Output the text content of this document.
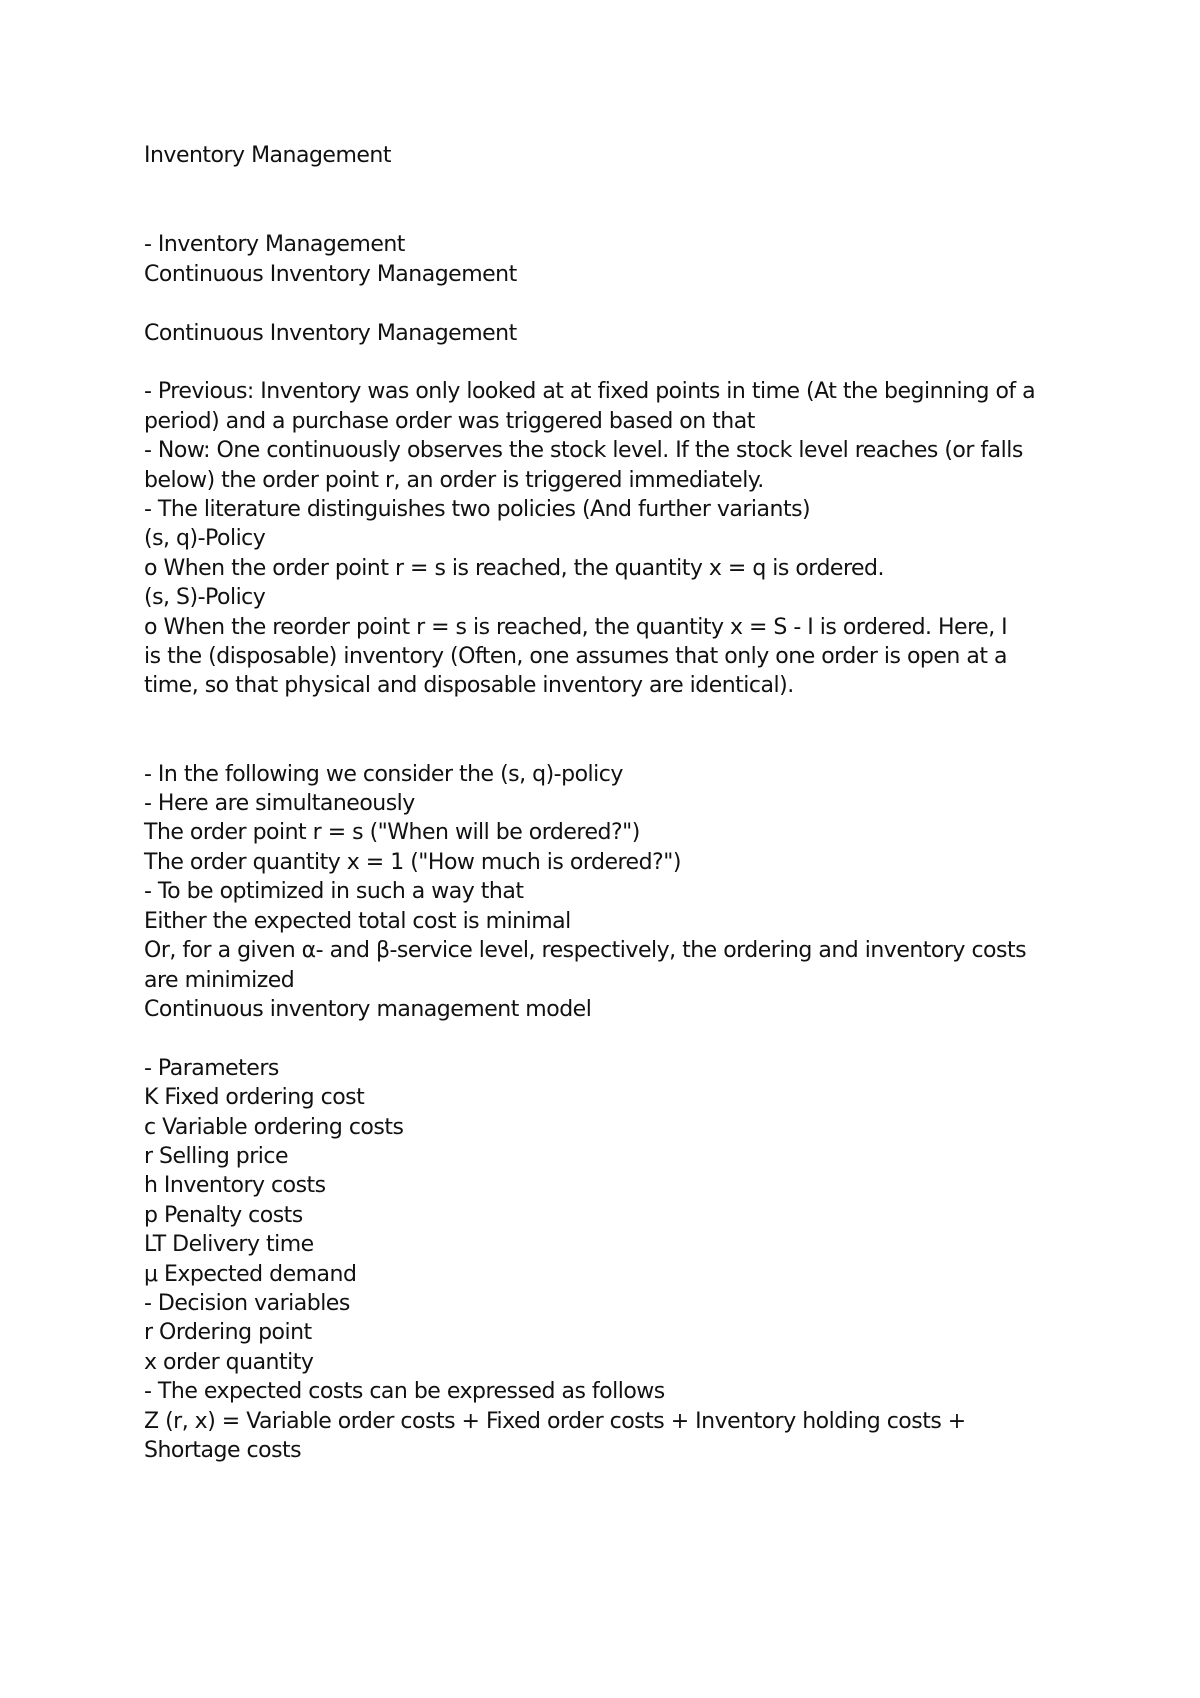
Inventory Management
- Inventory Management
Continuous Inventory Management
Continuous Inventory Management
- Previous: Inventory was only looked at at fixed points in time (At the beginning of a
period) and a purchase order was triggered based on that
- Now: One continuously observes the stock level. If the stock level reaches (or falls
below) the order point r, an order is triggered immediately.
- The literature distinguishes two policies (And further variants)
(s, q)-Policy
o When the order point r = s is reached, the quantity x = q is ordered.
(s, S)-Policy
o When the reorder point r = s is reached, the quantity x = S - I is ordered. Here, I
is the (disposable) inventory (Often, one assumes that only one order is open at a
time, so that physical and disposable inventory are identical).
- In the following we consider the (s, q)-policy
- Here are simultaneously
The order point r = s ("When will be ordered?")
The order quantity x = 1 ("How much is ordered?")
- To be optimized in such a way that
Either the expected total cost is minimal
Or, for a given α- and β-service level, respectively, the ordering and inventory costs
are minimized
Continuous inventory management model
- Parameters
K Fixed ordering cost
c Variable ordering costs
r Selling price
h Inventory costs
p Penalty costs
LT Delivery time
μ Expected demand
- Decision variables
r Ordering point
x order quantity
- The expected costs can be expressed as follows
Z (r, x) = Variable order costs + Fixed order costs + Inventory holding costs +
Shortage costs
